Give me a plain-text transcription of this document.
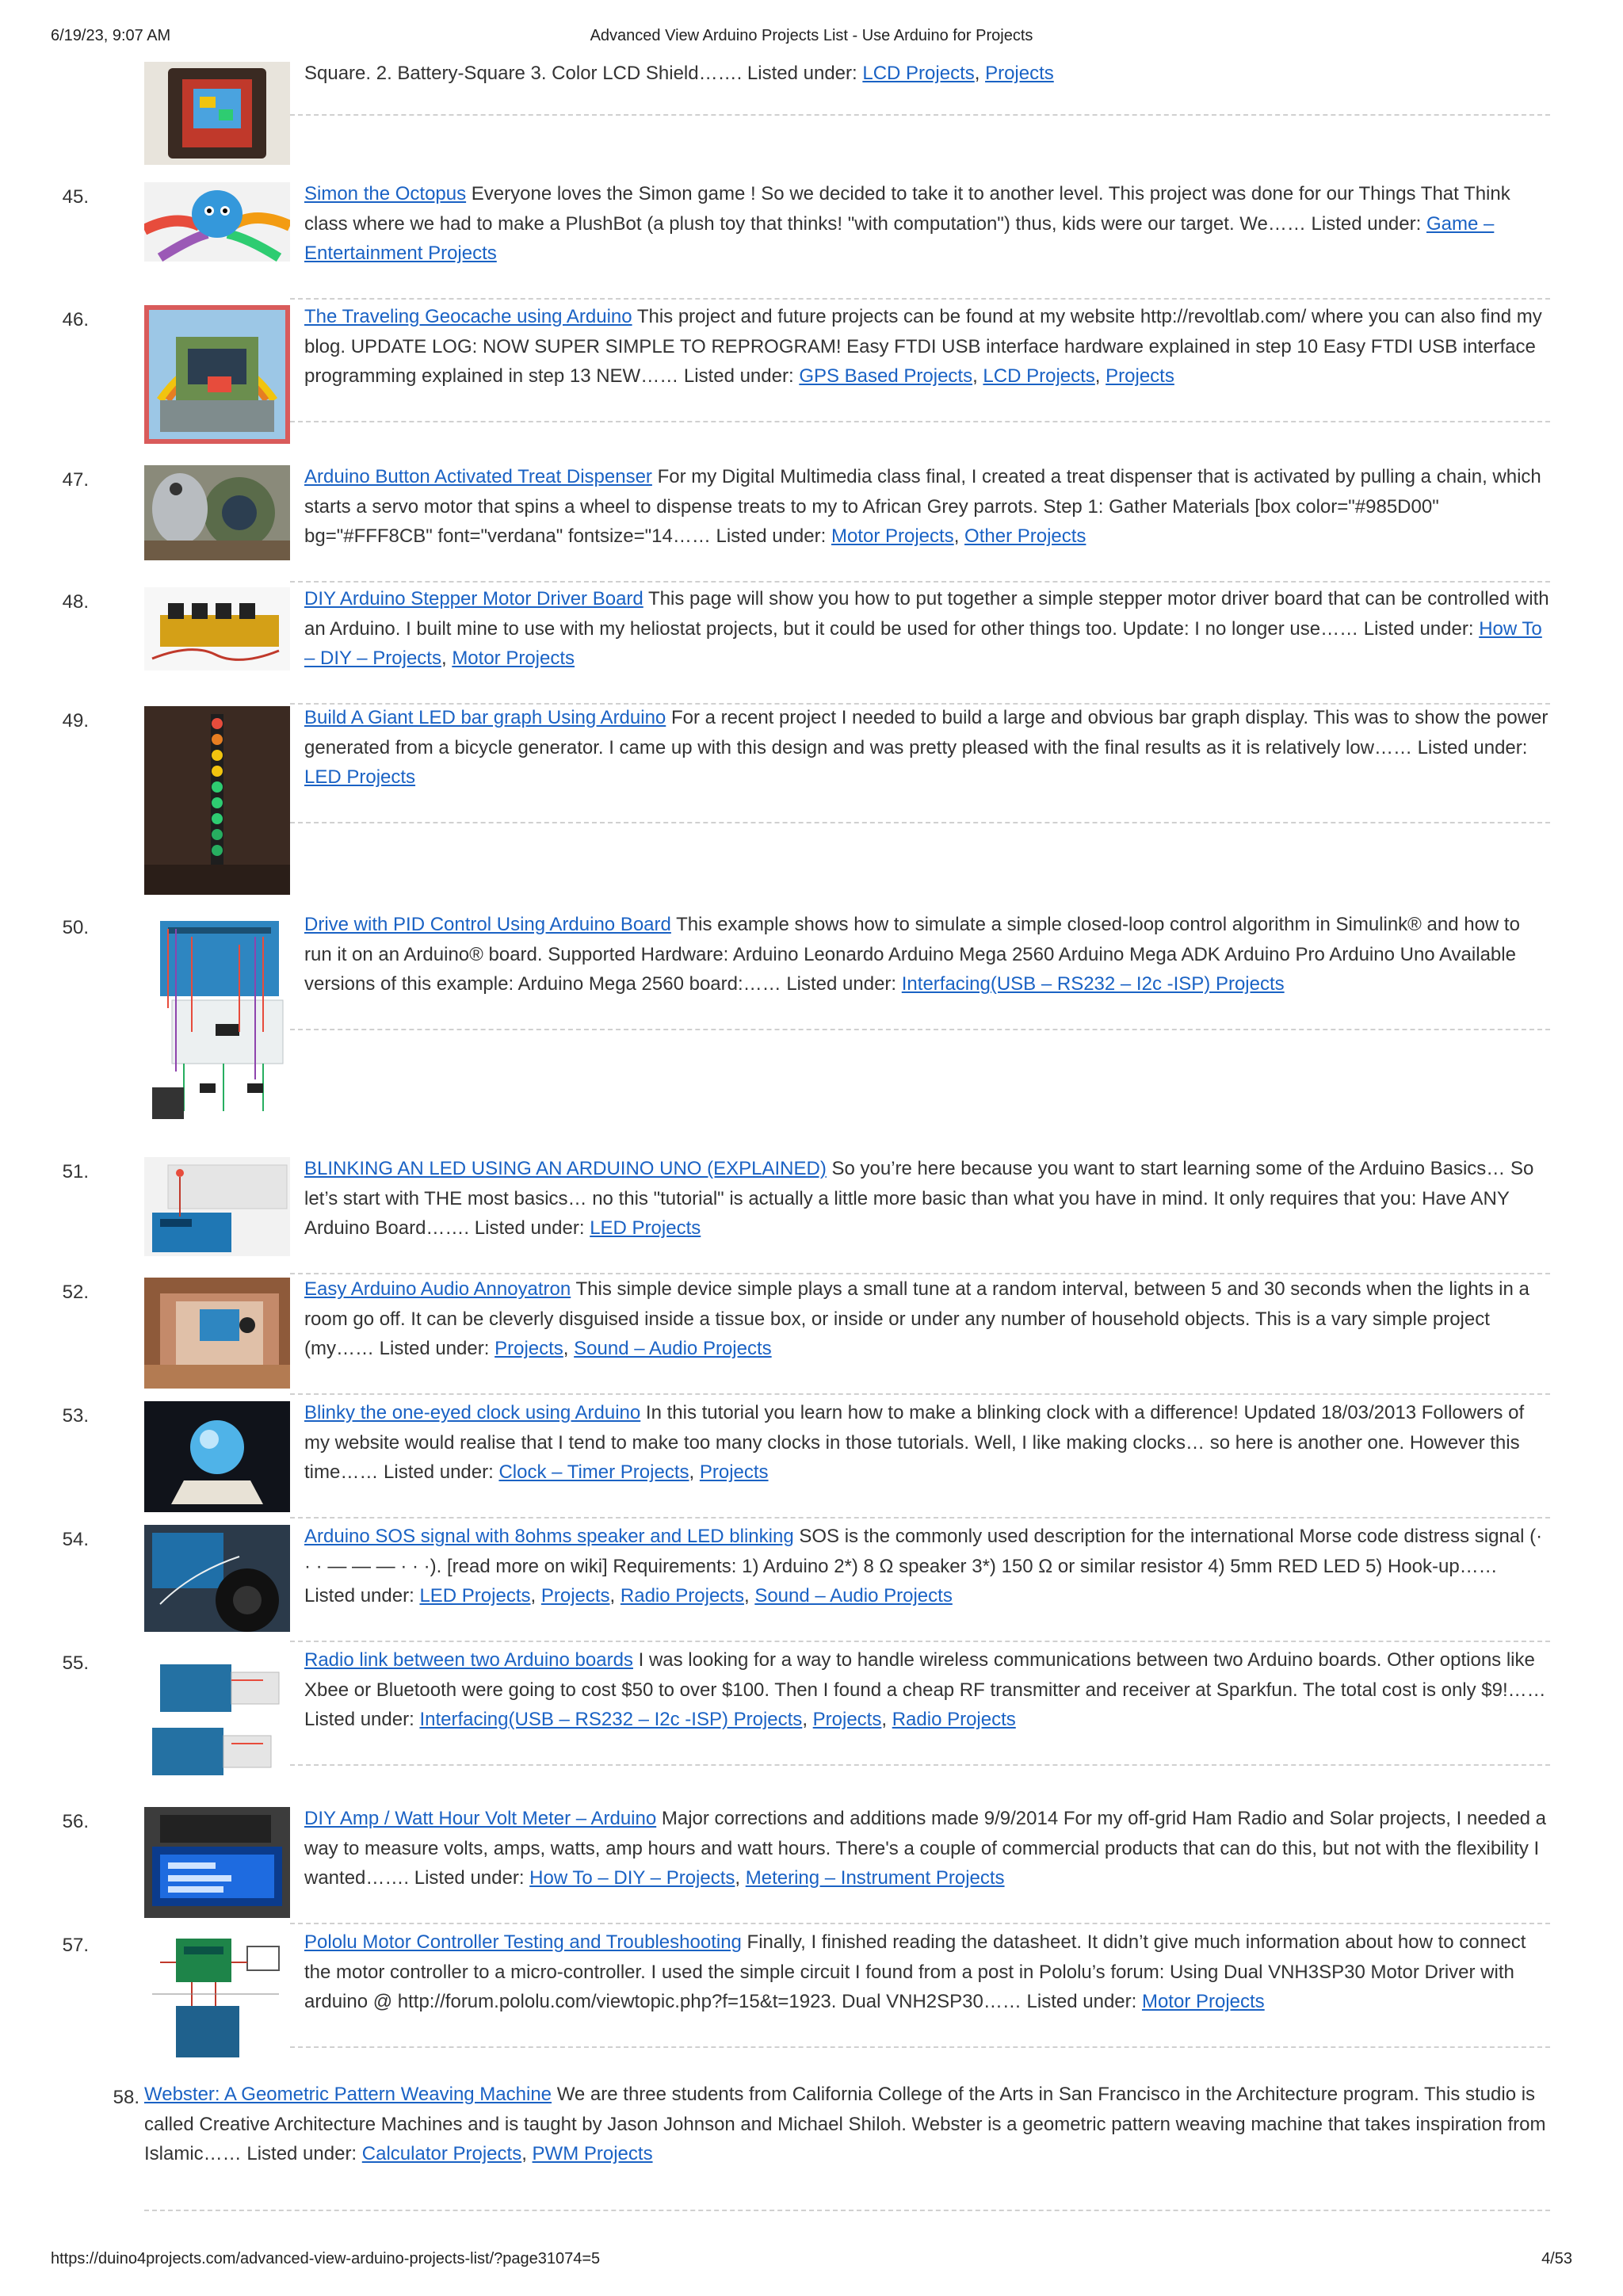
6/19/23, 9:07 AM	Advanced View Arduino Projects List - Use Arduino for Projects
Square. 2. Battery-Square 3. Color LCD Shield……. Listed under: LCD Projects, Projects
45.	Simon the Octopus Everyone loves the Simon game ! So we decided to take it to another level. This project was done for our Things That Think class where we had to make a PlushBot (a plush toy that thinks! "with computation") thus, kids were our target. We…… Listed under: Game – Entertainment Projects
46.	The Traveling Geocache using Arduino This project and future projects can be found at my website http://revoltlab.com/ where you can also find my blog. UPDATE LOG: NOW SUPER SIMPLE TO REPROGRAM! Easy FTDI USB interface hardware explained in step 10 Easy FTDI USB interface programming explained in step 13 NEW…… Listed under: GPS Based Projects, LCD Projects, Projects
47.	Arduino Button Activated Treat Dispenser For my Digital Multimedia class final, I created a treat dispenser that is activated by pulling a chain, which starts a servo motor that spins a wheel to dispense treats to my to African Grey parrots. Step 1: Gather Materials [box color="#985D00" bg="#FFF8CB" font="verdana" fontsize="14…… Listed under: Motor Projects, Other Projects
48.	DIY Arduino Stepper Motor Driver Board This page will show you how to put together a simple stepper motor driver board that can be controlled with an Arduino. I built mine to use with my heliostat projects, but it could be used for other things too. Update: I no longer use…… Listed under: How To – DIY – Projects, Motor Projects
49.	Build A Giant LED bar graph Using Arduino For a recent project I needed to build a large and obvious bar graph display. This was to show the power generated from a bicycle generator. I came up with this design and was pretty pleased with the final results as it is relatively low…… Listed under: LED Projects
50.	Drive with PID Control Using Arduino Board This example shows how to simulate a simple closed-loop control algorithm in Simulink® and how to run it on an Arduino® board. Supported Hardware: Arduino Leonardo Arduino Mega 2560 Arduino Mega ADK Arduino Pro Arduino Uno Available versions of this example: Arduino Mega 2560 board:…… Listed under: Interfacing(USB – RS232 – I2c -ISP) Projects
51.	BLINKING AN LED USING AN ARDUINO UNO (EXPLAINED) So you’re here because you want to start learning some of the Arduino Basics… So let’s start with THE most basics… no this "tutorial" is actually a little more basic than what you have in mind. It only requires that you: Have ANY Arduino Board……. Listed under: LED Projects
52.	Easy Arduino Audio Annoyatron This simple device simple plays a small tune at a random interval, between 5 and 30 seconds when the lights in a room go off. It can be cleverly disguised inside a tissue box, or inside or under any number of household objects. This is a vary simple project (my…… Listed under: Projects, Sound – Audio Projects
53.	Blinky the one-eyed clock using Arduino In this tutorial you learn how to make a blinking clock with a difference! Updated 18/03/2013 Followers of my website would realise that I tend to make too many clocks in those tutorials. Well, I like making clocks… so here is another one. However this time…… Listed under: Clock – Timer Projects, Projects
54.	Arduino SOS signal with 8ohms speaker and LED blinking SOS is the commonly used description for the international Morse code distress signal (· · · — — — · · ·). [read more on wiki] Requirements: 1) Arduino 2*) 8 Ω speaker 3*) 150 Ω or similar resistor 4) 5mm RED LED 5) Hook-up…… Listed under: LED Projects, Projects, Radio Projects, Sound – Audio Projects
55.	Radio link between two Arduino boards I was looking for a way to handle wireless communications between two Arduino boards. Other options like Xbee or Bluetooth were going to cost $50 to over $100. Then I found a cheap RF transmitter and receiver at Sparkfun. The total cost is only $9!…… Listed under: Interfacing(USB – RS232 – I2c -ISP) Projects, Projects, Radio Projects
56.	DIY Amp / Watt Hour Volt Meter – Arduino Major corrections and additions made 9/9/2014 For my off-grid Ham Radio and Solar projects, I needed a way to measure volts, amps, watts, amp hours and watt hours. There's a couple of commercial products that can do this, but not with the flexibility I wanted……. Listed under: How To – DIY – Projects, Metering – Instrument Projects
57.	Pololu Motor Controller Testing and Troubleshooting Finally, I finished reading the datasheet. It didn’t give much information about how to connect the motor controller to a micro-controller. I used the simple circuit I found from a post in Pololu’s forum: Using Dual VNH3SP30 Motor Driver with arduino @ http://forum.pololu.com/viewtopic.php?f=15&t=1923. Dual VNH2SP30…… Listed under: Motor Projects
58. Webster: A Geometric Pattern Weaving Machine We are three students from California College of the Arts in San Francisco in the Architecture program. This studio is called Creative Architecture Machines and is taught by Jason Johnson and Michael Shiloh. Webster is a geometric pattern weaving machine that takes inspiration from Islamic…… Listed under: Calculator Projects, PWM Projects
https://duino4projects.com/advanced-view-arduino-projects-list/?page31074=5	4/53
